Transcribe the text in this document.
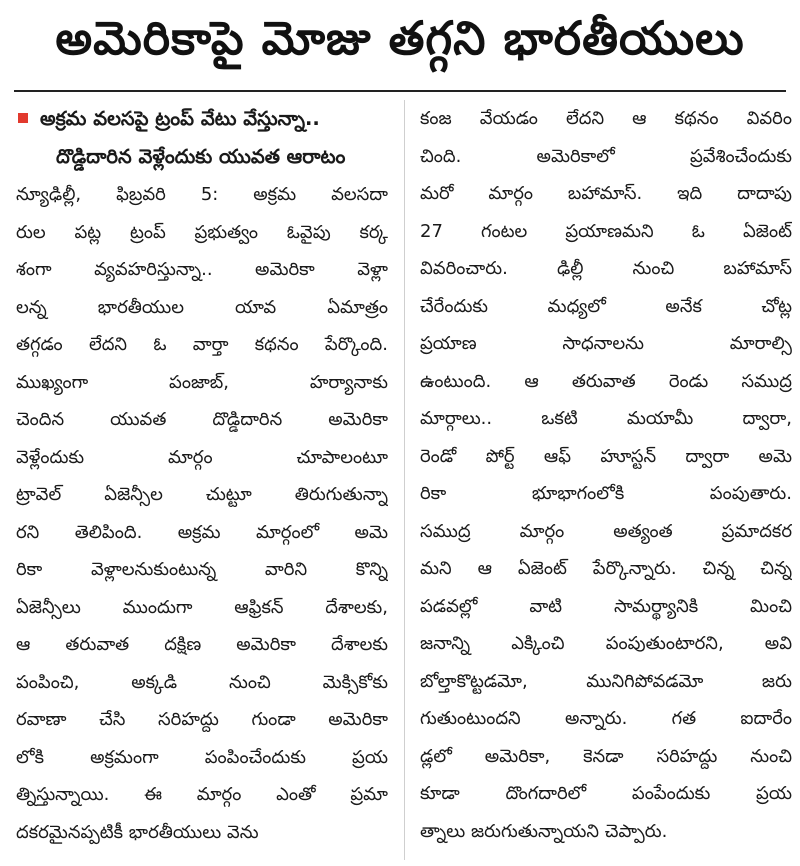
అమెరికాపై మోజు తగ్గని భారతీయులు
అక్రమ వలసపై ట్రంప్ వేటు వేస్తున్నా..
దొడ్డిదారిన వెళ్లేందుకు యువత ఆరాటం
న్యూఢిల్లీ, ఫిబ్రవరి 5: అక్రమ వలసదా
రుల పట్ల ట్రంప్ ప్రభుత్వం ఓవైపు కర్క
శంగా వ్యవహరిస్తున్నా.. అమెరికా వెళ్లా
లన్న భారతీయుల యావ ఏమాత్రం
తగ్గడం లేదని ఓ వార్తా కథనం పేర్కొంది.
ముఖ్యంగా పంజాబ్, హర్యానాకు
చెందిన యువత దొడ్డిదారిన అమెరికా
వెళ్లేందుకు మార్గం చూపాలంటూ
ట్రావెల్ ఏజెన్సీల చుట్టూ తిరుగుతున్నా
రని తెలిపింది. అక్రమ మార్గంలో అమె
రికా వెళ్లాలనుకుంటున్న వారిని కొన్ని
ఏజెన్సీలు ముందుగా ఆఫ్రికన్ దేశాలకు,
ఆ తరువాత దక్షిణ అమెరికా దేశాలకు
పంపించి, అక్కడి నుంచి మెక్సికోకు
రవాణా చేసి సరిహద్దు గుండా అమెరికా
లోకి అక్రమంగా పంపించేందుకు ప్రయ
త్నిస్తున్నాయి. ఈ మార్గం ఎంతో ప్రమా
దకరమైనప్పటికీ భారతీయులు వెను
కంజ వేయడం లేదని ఆ కథనం వివరిం
చింది. అమెరికాలో ప్రవేశించేందుకు
మరో మార్గం బహామాస్. ఇది దాదాపు
27 గంటల ప్రయాణమని ఓ ఏజెంట్
వివరించారు. ఢిల్లీ నుంచి బహామాస్
చేరేందుకు మధ్యలో అనేక చోట్ల
ప్రయాణ సాధనాలను మారాల్సి
ఉంటుంది. ఆ తరువాత రెండు సముద్ర
మార్గాలు.. ఒకటి మయామీ ద్వారా,
రెండో పోర్ట్ ఆఫ్ హూస్టన్ ద్వారా అమె
రికా భూభాగంలోకి పంపుతారు.
సముద్ర మార్గం అత్యంత ప్రమాదకర
మని ఆ ఏజెంట్ పేర్కొన్నారు. చిన్న చిన్న
పడవల్లో వాటి సామర్థ్యానికి మించి
జనాన్ని ఎక్కించి పంపుతుంటారని, అవి
బోల్తాకొట్టడమో, మునిగిపోవడమో జరు
గుతుంటుందని అన్నారు. గత ఐదారేం
డ్లలో అమెరికా, కెనడా సరిహద్దు నుంచి
కూడా దొంగదారిలో పంపేందుకు ప్రయ
త్నాలు జరుగుతున్నాయని చెప్పారు.
